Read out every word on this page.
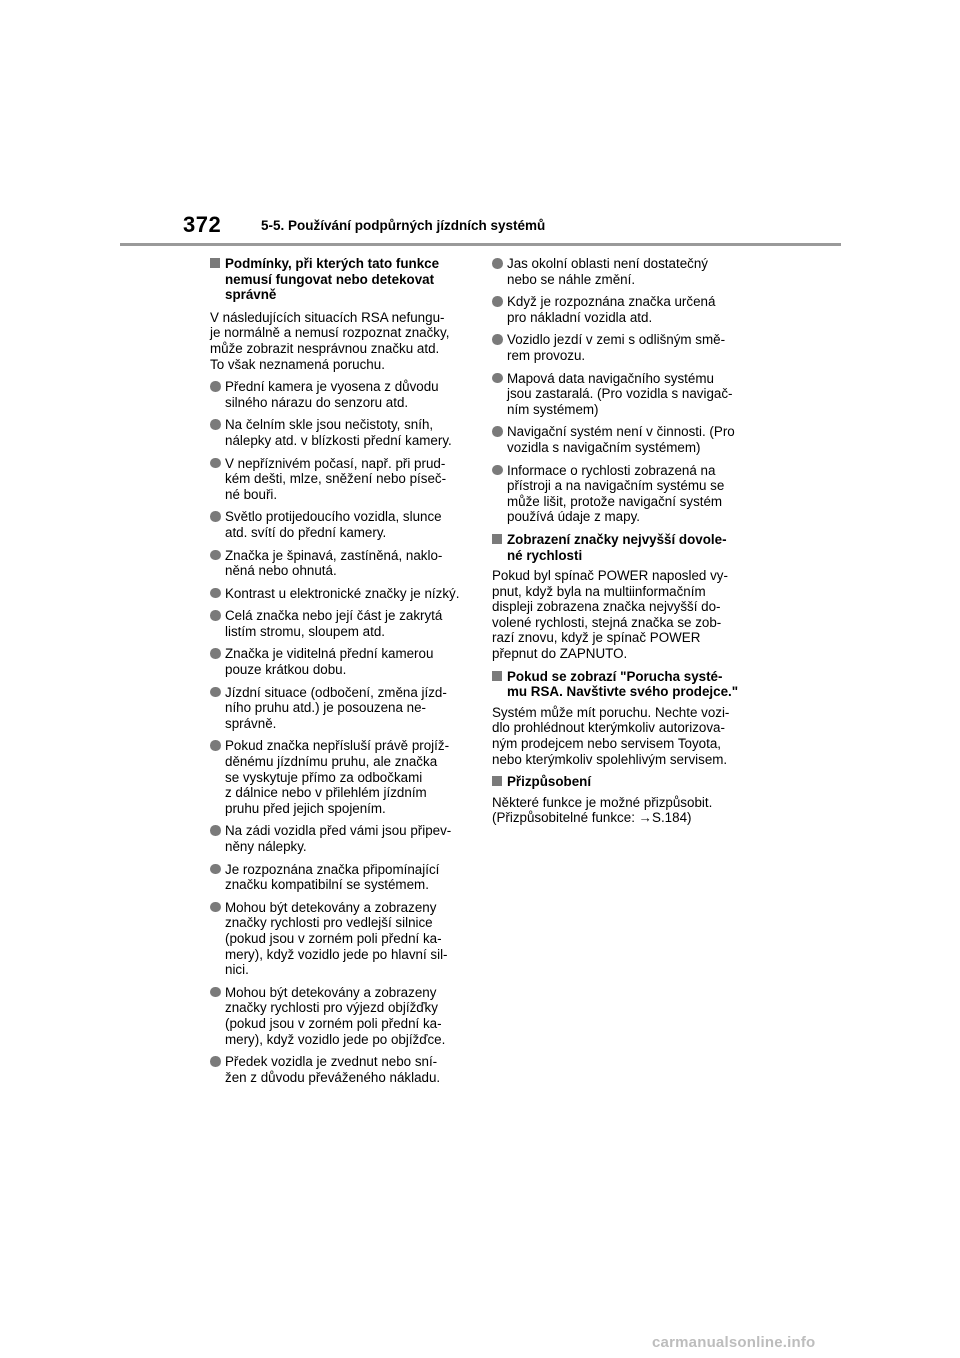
372	5-5. Používání podpůrných jízdních systémů
Podmínky, při kterých tato funkce
nemusí fungovat nebo detekovat
správně
V následujících situacích RSA nefungu-
je normálně a nemusí rozpoznat značky,
může zobrazit nesprávnou značku atd.
To však neznamená poruchu.
Přední kamera je vyosena z důvodu
silného nárazu do senzoru atd.
Na čelním skle jsou nečistoty, sníh,
nálepky atd. v blízkosti přední kamery.
V nepříznivém počasí, např. při prud-
kém dešti, mlze, sněžení nebo píseč-
né bouři.
Světlo protijedoucího vozidla, slunce
atd. svítí do přední kamery.
Značka je špinavá, zastíněná, naklo-
něná nebo ohnutá.
Kontrast u elektronické značky je nízký.
Celá značka nebo její část je zakrytá
listím stromu, sloupem atd.
Značka je viditelná přední kamerou
pouze krátkou dobu.
Jízdní situace (odbočení, změna jízd-
ního pruhu atd.) je posouzena ne-
správně.
Pokud značka nepřísluší právě projíž-
děnému jízdnímu pruhu, ale značka
se vyskytuje přímo za odbočkami
z dálnice nebo v přilehlém jízdním
pruhu před jejich spojením.
Na zádi vozidla před vámi jsou připev-
něny nálepky.
Je rozpoznána značka připomínající
značku kompatibilní se systémem.
Mohou být detekovány a zobrazeny
značky rychlosti pro vedlejší silnice
(pokud jsou v zorném poli přední ka-
mery), když vozidlo jede po hlavní sil-
nici.
Mohou být detekovány a zobrazeny
značky rychlosti pro výjezd objížďky
(pokud jsou v zorném poli přední ka-
mery), když vozidlo jede po objížďce.
Předek vozidla je zvednut nebo sní-
žen z důvodu převáženého nákladu.
Jas okolní oblasti není dostatečný
nebo se náhle změní.
Když je rozpoznána značka určená
pro nákladní vozidla atd.
Vozidlo jezdí v zemi s odlišným smě-
rem provozu.
Mapová data navigačního systému
jsou zastaralá. (Pro vozidla s navigač-
ním systémem)
Navigační systém není v činnosti. (Pro
vozidla s navigačním systémem)
Informace o rychlosti zobrazená na
přístroji a na navigačním systému se
může lišit, protože navigační systém
používá údaje z mapy.
Zobrazení značky nejvyšší dovole-
né rychlosti
Pokud byl spínač POWER naposled vy-
pnut, když byla na multiinformačním
displeji zobrazena značka nejvyšší do-
volené rychlosti, stejná značka se zob-
razí znovu, když je spínač POWER
přepnut do ZAPNUTO.
Pokud se zobrazí "Porucha systé-
mu RSA. Navštivte svého prodejce."
Systém může mít poruchu. Nechte vozi-
dlo prohlédnout kterýmkoliv autorizova-
ným prodejcem nebo servisem Toyota,
nebo kterýmkoliv spolehlivým servisem.
Přizpůsobení
Některé funkce je možné přizpůsobit.
(Přizpůsobitelné funkce: →S.184)
carmanualsonline.info
